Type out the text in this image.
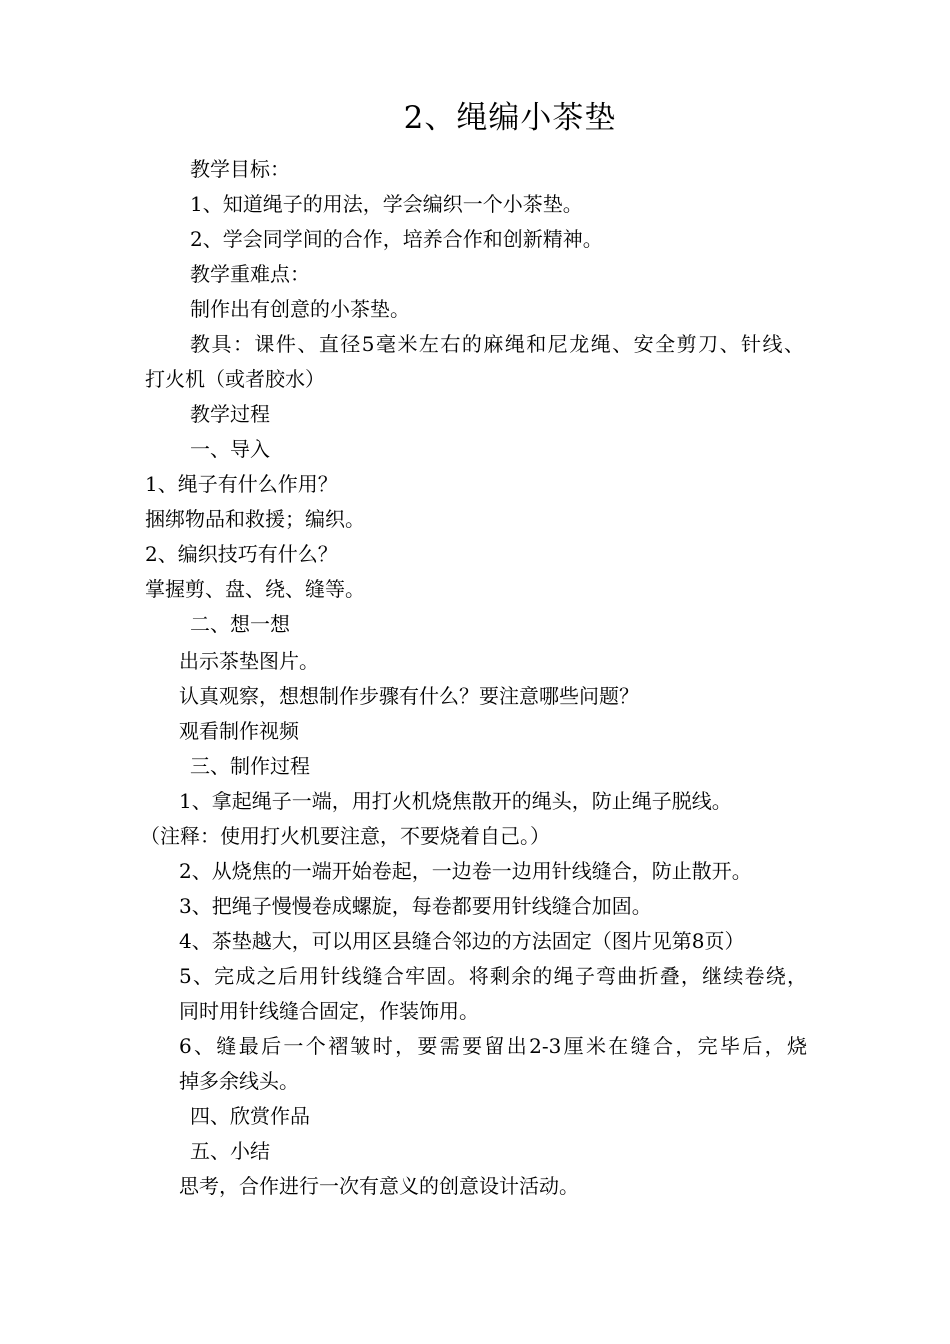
2、绳编小茶垫
教学目标：
1、知道绳子的用法，学会编织一个小茶垫。
2、学会同学间的合作，培养合作和创新精神。
教学重难点：
制作出有创意的小茶垫。
教具：课件、直径5毫米左右的麻绳和尼龙绳、安全剪刀、针线、
打火机（或者胶水）
教学过程
一、导入
1、绳子有什么作用？
捆绑物品和救援；编织。
2、编织技巧有什么？
掌握剪、盘、绕、缝等。
二、想一想
出示茶垫图片。
认真观察，想想制作步骤有什么？要注意哪些问题？
观看制作视频
三、制作过程
1、拿起绳子一端，用打火机烧焦散开的绳头，防止绳子脱线。
（注释：使用打火机要注意，不要烧着自己。）
2、从烧焦的一端开始卷起，一边卷一边用针线缝合，防止散开。
3、把绳子慢慢卷成螺旋，每卷都要用针线缝合加固。
4、茶垫越大，可以用区县缝合邻边的方法固定（图片见第8页）
5、完成之后用针线缝合牢固。将剩余的绳子弯曲折叠，继续卷绕，
同时用针线缝合固定，作装饰用。
6、缝最后一个褶皱时，要需要留出2-3厘米在缝合，完毕后，烧
掉多余线头。
四、欣赏作品
五、小结
思考，合作进行一次有意义的创意设计活动。
